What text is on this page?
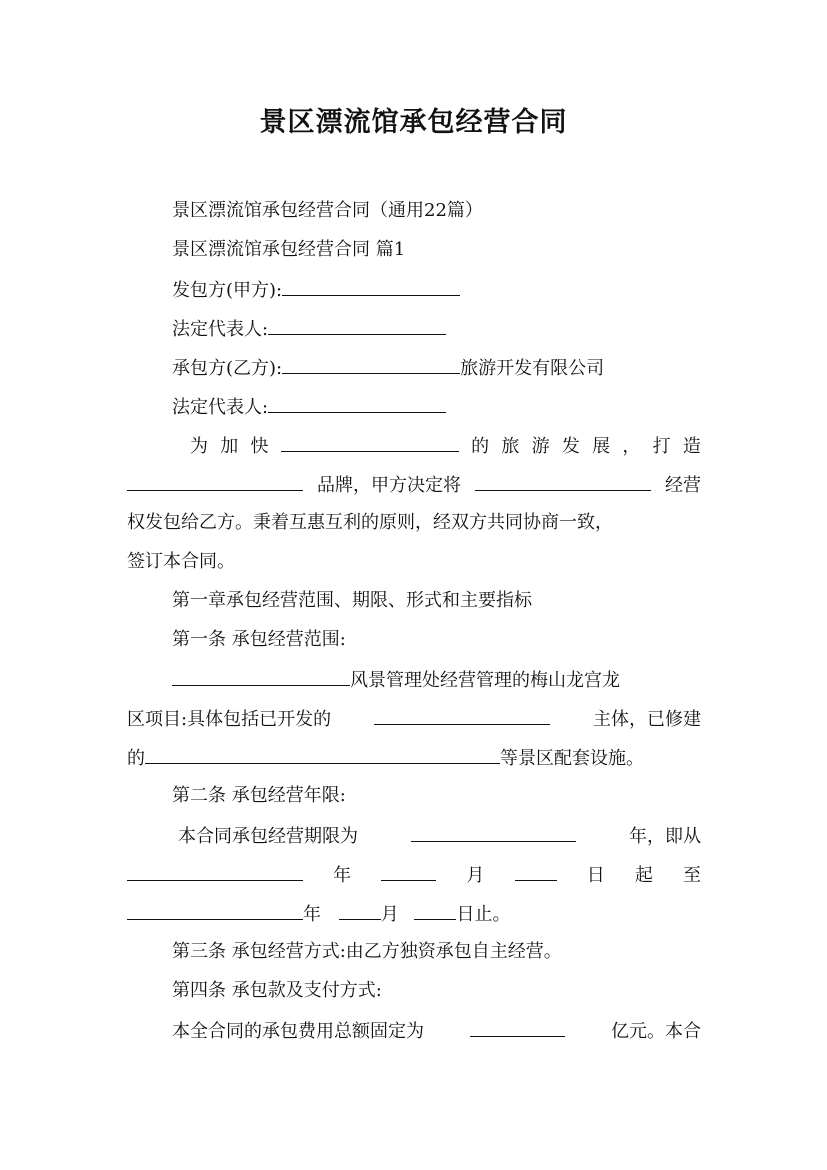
景区漂流馆承包经营合同
景区漂流馆承包经营合同（通用22篇）
景区漂流馆承包经营合同 篇1
发包方(甲方):
法定代表人:
承包方(乙方):	旅游开发有限公司
法定代表人:
为 加 快	的 旅 游 发 展 ， 打 造
品牌，甲方决定将	经营
权发包给乙方。秉着互惠互利的原则，经双方共同协商一致，
签订本合同。
第一章承包经营范围、期限、形式和主要指标
第一条 承包经营范围:
风景管理处经营管理的梅山龙宫龙
区项目:具体包括已开发的	主体，已修建
的	等景区配套设施。
第二条 承包经营年限:
本合同承包经营期限为	年，即从
年	月	日 起 至
年	月	日止。
第三条 承包经营方式:由乙方独资承包自主经营。
第四条 承包款及支付方式:
本全合同的承包费用总额固定为	亿元。本合
